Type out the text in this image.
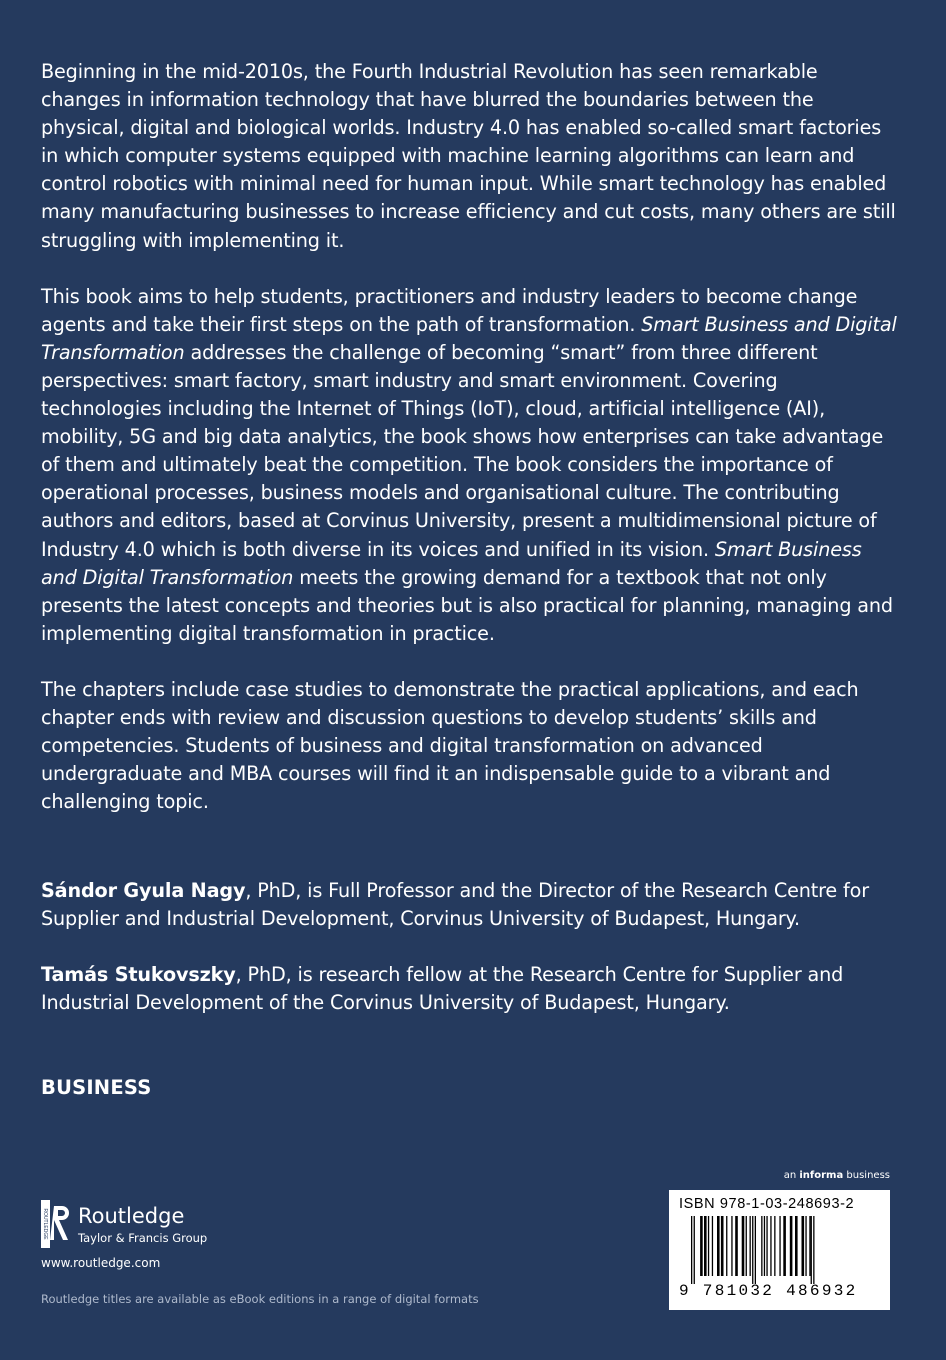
Beginning in the mid-2010s, the Fourth Industrial Revolution has seen remarkable changes in information technology that have blurred the boundaries between the physical, digital and biological worlds. Industry 4.0 has enabled so-called smart factories in which computer systems equipped with machine learning algorithms can learn and control robotics with minimal need for human input. While smart technology has enabled many manufacturing businesses to increase efficiency and cut costs, many others are still struggling with implementing it.

This book aims to help students, practitioners and industry leaders to become change agents and take their first steps on the path of transformation. Smart Business and Digital Transformation addresses the challenge of becoming “smart” from three different perspectives: smart factory, smart industry and smart environment. Covering technologies including the Internet of Things (IoT), cloud, artificial intelligence (AI), mobility, 5G and big data analytics, the book shows how enterprises can take advantage of them and ultimately beat the competition. The book considers the importance of operational processes, business models and organisational culture. The contributing authors and editors, based at Corvinus University, present a multidimensional picture of Industry 4.0 which is both diverse in its voices and unified in its vision. Smart Business and Digital Transformation meets the growing demand for a textbook that not only presents the latest concepts and theories but is also practical for planning, managing and implementing digital transformation in practice.

The chapters include case studies to demonstrate the practical applications, and each chapter ends with review and discussion questions to develop students’ skills and competencies. Students of business and digital transformation on advanced undergraduate and MBA courses will find it an indispensable guide to a vibrant and challenging topic.

Sándor Gyula Nagy, PhD, is Full Professor and the Director of the Research Centre for Supplier and Industrial Development, Corvinus University of Budapest, Hungary.

Tamás Stukovszky, PhD, is research fellow at the Research Centre for Supplier and Industrial Development of the Corvinus University of Budapest, Hungary.

BUSINESS
ROUTLEDGE Routledge
Taylor & Francis Group
www.routledge.com
Routledge titles are available as eBook editions in a range of digital formats
an informa business
ISBN 978-1-03-248693-2
9 781032 486932
